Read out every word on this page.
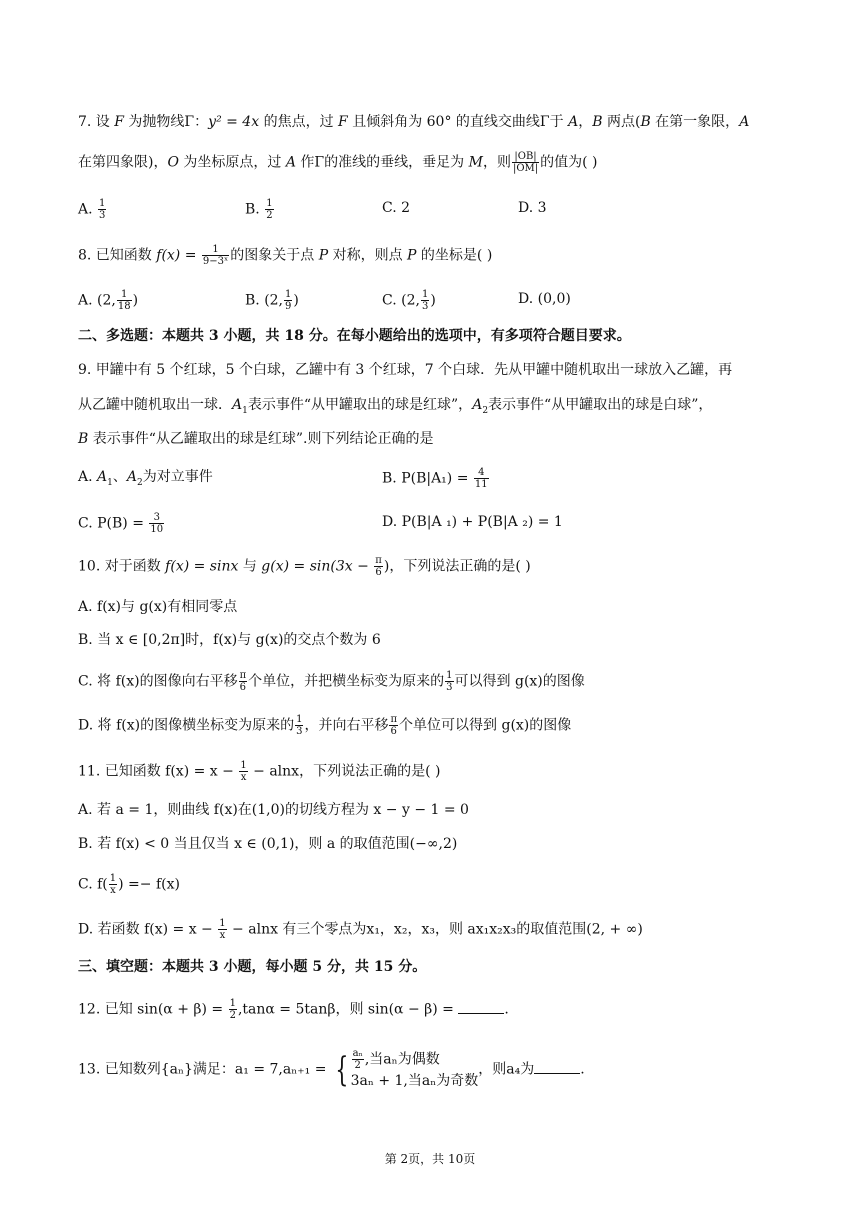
7. 设 F 为抛物线Γ：y² = 4x 的焦点，过 F 且倾斜角为 60° 的直线交曲线Γ于 A，B 两点(B 在第一象限，A
在第四象限)，O 为坐标原点，过 A 作Γ的准线的垂线，垂足为 M，则 $\frac{|OB|}{|OM|}$ 的值为( )
A. $\frac{1}{3}$	B. $\frac{1}{2}$	C. 2	D. 3
8. 已知函数 $f(x) = \frac{1}{\text{9−3ˣ}}$ 的图象关于点 P 对称，则点 P 的坐标是( )
A. (2, $\frac{1}{18}$ )	B. (2, $\frac{1}{9}$ )	C. (2, $\frac{1}{3}$ )	D. (0,0)
二、多选题：本题共 3 小题，共 18 分。在每小题给出的选项中，有多项符合题目要求。
9. 甲罐中有 5 个红球，5 个白球，乙罐中有 3 个红球，7 个白球．先从甲罐中随机取出一球放入乙罐，再
从乙罐中随机取出一球．$A_1$表示事件“从甲罐取出的球是红球”，$A_2$表示事件“从甲罐取出的球是白球”，
B 表示事件“从乙罐取出的球是红球”.则下列结论正确的是
A. $A_1$、$A_2$为对立事件	B. $P(B|A_1) = \frac{4}{11}$
C. $P(B) = \frac{3}{10}$	D. P(B|A ₁) + P(B|A ₂) = 1
10. 对于函数 f(x) = sinx 与 $g(x) = \sin(3x - \frac{\pi}{6}$ )，下列说法正确的是( )
A. f(x)与 g(x)有相同零点
B. 当 x ∈ [0,2π]时，f(x)与 g(x)的交点个数为 6
C. 将 f(x)的图像向右平移 $\frac{\pi}{6}$ 个单位，并把横坐标变为原来的 $\frac{1}{3}$ 可以得到 g(x)的图像
D. 将 f(x)的图像横坐标变为原来的 $\frac{1}{3}$ ，并向右平移 $\frac{\pi}{6}$ 个单位可以得到 g(x)的图像
11. 已知函数 $f(x) = x - \frac{1}{x} - alnx$，下列说法正确的是( )
A. 若 a = 1，则曲线 f(x)在(1,0)的切线方程为 x − y − 1 = 0
B. 若 f(x) < 0 当且仅当 x ∈ (0,1)，则 a 的取值范围(−∞,2)
C. $f( \frac{1}{x}$ ) =− f(x)
D. 若函数 $f(x) = x - \frac{1}{x} - alnx$ 有三个零点为x₁，x₂，x₃，则 ax₁x₂x₃的取值范围(2, + ∞)
三、填空题：本题共 3 小题，每小题 5 分，共 15 分。
12. 已知 $\sin(\alpha + \beta) = \frac{1}{2} ,\tan\alpha = 5\tan\beta$，则 sin(α − β) =	.
13. 已知数列{aₙ}满足：a₁ = 7,aₙ₊₁ = { $\frac{\text{aₙ}}{2}$ ,当aₙ为偶数
3aₙ + 1,当aₙ为奇数
，则a₄为	.
第 2页，共 10页
